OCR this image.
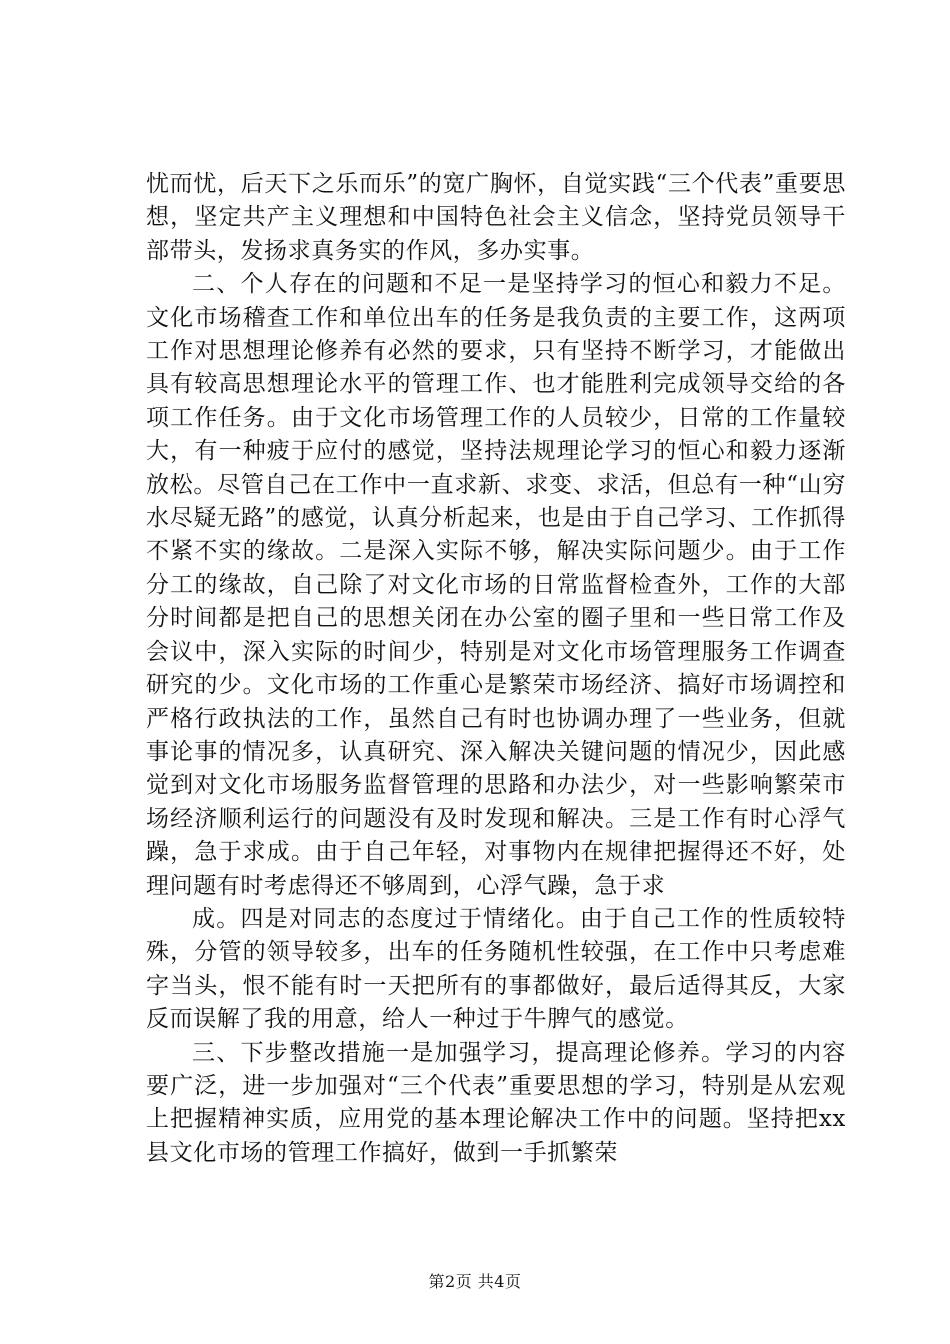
忧而忧，后天下之乐而乐”的宽广胸怀，自觉实践“三个代表”重要思想，坚定共产主义理想和中国特色社会主义信念，坚持党员领导干部带头，发扬求真务实的作风，多办实事。

二、个人存在的问题和不足一是坚持学习的恒心和毅力不足。文化市场稽查工作和单位出车的任务是我负责的主要工作，这两项工作对思想理论修养有必然的要求，只有坚持不断学习，才能做出具有较高思想理论水平的管理工作、也才能胜利完成领导交给的各项工作任务。由于文化市场管理工作的人员较少，日常的工作量较大，有一种疲于应付的感觉，坚持法规理论学习的恒心和毅力逐渐放松。尽管自己在工作中一直求新、求变、求活，但总有一种“山穷水尽疑无路”的感觉，认真分析起来，也是由于自己学习、工作抓得不紧不实的缘故。二是深入实际不够，解决实际问题少。由于工作分工的缘故，自己除了对文化市场的日常监督检查外，工作的大部分时间都是把自己的思想关闭在办公室的圈子里和一些日常工作及会议中，深入实际的时间少，特别是对文化市场管理服务工作调查研究的少。文化市场的工作重心是繁荣市场经济、搞好市场调控和严格行政执法的工作，虽然自己有时也协调办理了一些业务，但就事论事的情况多，认真研究、深入解决关键问题的情况少，因此感觉到对文化市场服务监督管理的思路和办法少，对一些影响繁荣市场经济顺利运行的问题没有及时发现和解决。三是工作有时心浮气躁，急于求成。由于自己年轻，对事物内在规律把握得还不好，处理问题有时考虑得还不够周到，心浮气躁，急于求

成。四是对同志的态度过于情绪化。由于自己工作的性质较特殊，分管的领导较多，出车的任务随机性较强，在工作中只考虑难字当头，恨不能有时一天把所有的事都做好，最后适得其反，大家反而误解了我的用意，给人一种过于牛脾气的感觉。

三、下步整改措施一是加强学习，提高理论修养。学习的内容要广泛，进一步加强对“三个代表”重要思想的学习，特别是从宏观上把握精神实质，应用党的基本理论解决工作中的问题。坚持把xx县文化市场的管理工作搞好，做到一手抓繁荣

第2页 共4页
